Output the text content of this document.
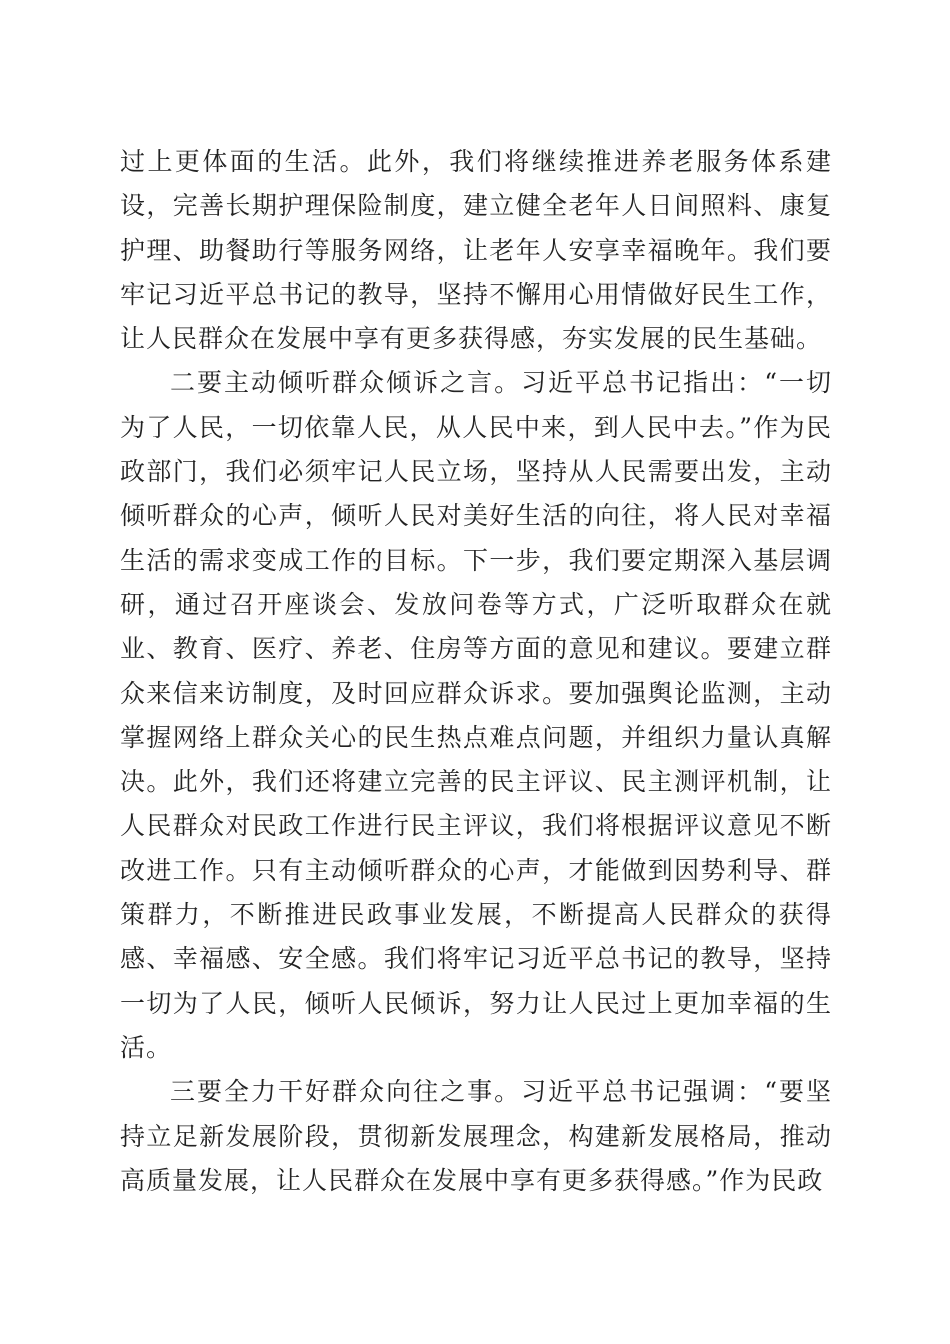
过上更体面的生活。此外，我们将继续推进养老服务体系建设，完善长期护理保险制度，建立健全老年人日间照料、康复护理、助餐助行等服务网络，让老年人安享幸福晚年。我们要牢记习近平总书记的教导，坚持不懈用心用情做好民生工作，让人民群众在发展中享有更多获得感，夯实发展的民生基础。

二要主动倾听群众倾诉之言。习近平总书记指出：“一切为了人民，一切依靠人民，从人民中来，到人民中去。”作为民政部门，我们必须牢记人民立场，坚持从人民需要出发，主动倾听群众的心声，倾听人民对美好生活的向往，将人民对幸福生活的需求变成工作的目标。下一步，我们要定期深入基层调研，通过召开座谈会、发放问卷等方式，广泛听取群众在就业、教育、医疗、养老、住房等方面的意见和建议。要建立群众来信来访制度，及时回应群众诉求。要加强舆论监测，主动掌握网络上群众关心的民生热点难点问题，并组织力量认真解决。此外，我们还将建立完善的民主评议、民主测评机制，让人民群众对民政工作进行民主评议，我们将根据评议意见不断改进工作。只有主动倾听群众的心声，才能做到因势利导、群策群力，不断推进民政事业发展，不断提高人民群众的获得感、幸福感、安全感。我们将牢记习近平总书记的教导，坚持一切为了人民，倾听人民倾诉，努力让人民过上更加幸福的生活。

三要全力干好群众向往之事。习近平总书记强调：“要坚持立足新发展阶段，贯彻新发展理念，构建新发展格局，推动高质量发展，让人民群众在发展中享有更多获得感。”作为民政
